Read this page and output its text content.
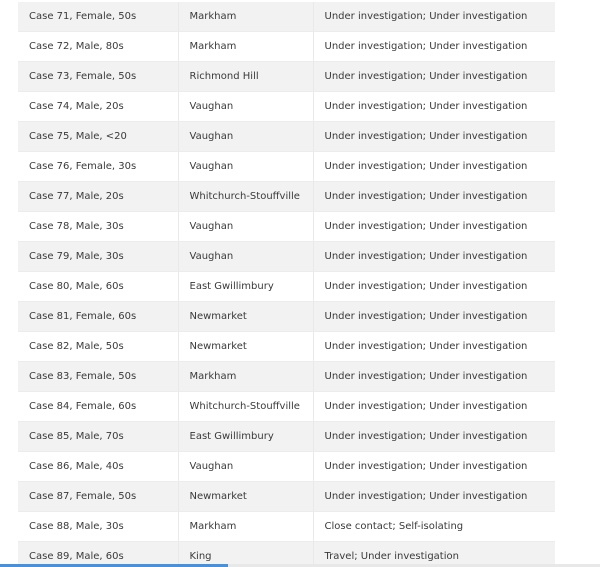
Case 71, Female, 50s	Markham	Under investigation; Under investigation
Case 72, Male, 80s	Markham	Under investigation; Under investigation
Case 73, Female, 50s	Richmond Hill	Under investigation; Under investigation
Case 74, Male, 20s	Vaughan	Under investigation; Under investigation
Case 75, Male, <20	Vaughan	Under investigation; Under investigation
Case 76, Female, 30s	Vaughan	Under investigation; Under investigation
Case 77, Male, 20s	Whitchurch-Stouffville	Under investigation; Under investigation
Case 78, Male, 30s	Vaughan	Under investigation; Under investigation
Case 79, Male, 30s	Vaughan	Under investigation; Under investigation
Case 80, Male, 60s	East Gwillimbury	Under investigation; Under investigation
Case 81, Female, 60s	Newmarket	Under investigation; Under investigation
Case 82, Male, 50s	Newmarket	Under investigation; Under investigation
Case 83, Female, 50s	Markham	Under investigation; Under investigation
Case 84, Female, 60s	Whitchurch-Stouffville	Under investigation; Under investigation
Case 85, Male, 70s	East Gwillimbury	Under investigation; Under investigation
Case 86, Male, 40s	Vaughan	Under investigation; Under investigation
Case 87, Female, 50s	Newmarket	Under investigation; Under investigation
Case 88, Male, 30s	Markham	Close contact; Self-isolating
Case 89, Male, 60s	King	Travel; Under investigation
